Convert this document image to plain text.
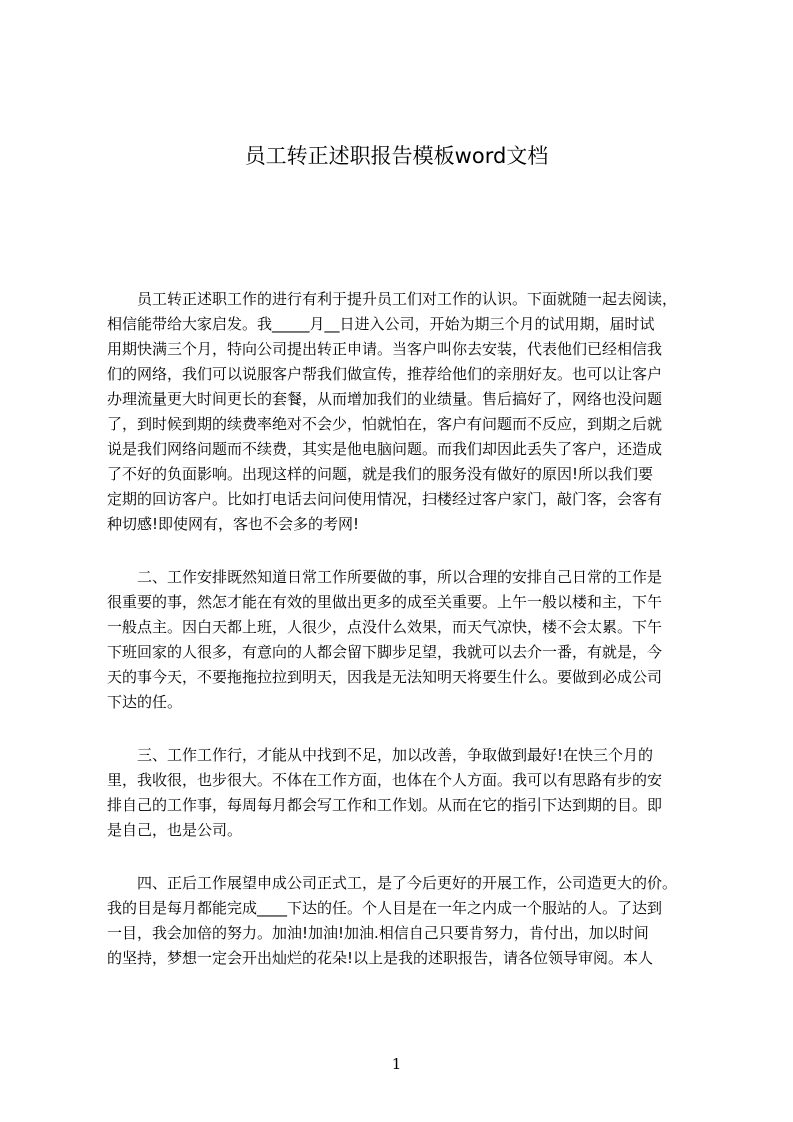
员工转正述职报告模板word文档
员工转正述职工作的进行有利于提升员工们对工作的认识。下面就随一起去阅读，
相信能带给大家启发。我_____月__日进入公司，开始为期三个月的试用期，届时试
用期快满三个月，特向公司提出转正申请。当客户叫你去安装，代表他们已经相信我
们的网络，我们可以说服客户帮我们做宣传，推荐给他们的亲朋好友。也可以让客户
办理流量更大时间更长的套餐，从而增加我们的业绩量。售后搞好了，网络也没问题
了，到时候到期的续费率绝对不会少，怕就怕在，客户有问题而不反应，到期之后就
说是我们网络问题而不续费，其实是他电脑问题。而我们却因此丢失了客户，还造成
了不好的负面影响。出现这样的问题，就是我们的服务没有做好的原因!所以我们要
定期的回访客户。比如打电话去问问使用情况，扫楼经过客户家门，敲门客，会客有
种切感!即使网有，客也不会多的考网!
二、工作安排既然知道日常工作所要做的事，所以合理的安排自己日常的工作是
很重要的事，然怎才能在有效的里做出更多的成至关重要。上午一般以楼和主，下午
一般点主。因白天都上班，人很少，点没什么效果，而天气凉快，楼不会太累。下午
下班回家的人很多，有意向的人都会留下脚步足望，我就可以去介一番，有就是，今
天的事今天，不要拖拖拉拉到明天，因我是无法知明天将要生什么。要做到必成公司
下达的任。
三、工作工作行，才能从中找到不足，加以改善，争取做到最好!在快三个月的
里，我收很，也步很大。不体在工作方面，也体在个人方面。我可以有思路有步的安
排自己的工作事，每周每月都会写工作和工作划。从而在它的指引下达到期的目。即
是自己，也是公司。
四、正后工作展望申成公司正式工，是了今后更好的开展工作，公司造更大的价。
我的目是每月都能完成____下达的任。个人目是在一年之内成一个服站的人。了达到
一目，我会加倍的努力。加油!加油!加油.相信自己只要肯努力，肯付出，加以时间
的坚持，梦想一定会开出灿烂的花朵!以上是我的述职报告，请各位领导审阅。本人
1
